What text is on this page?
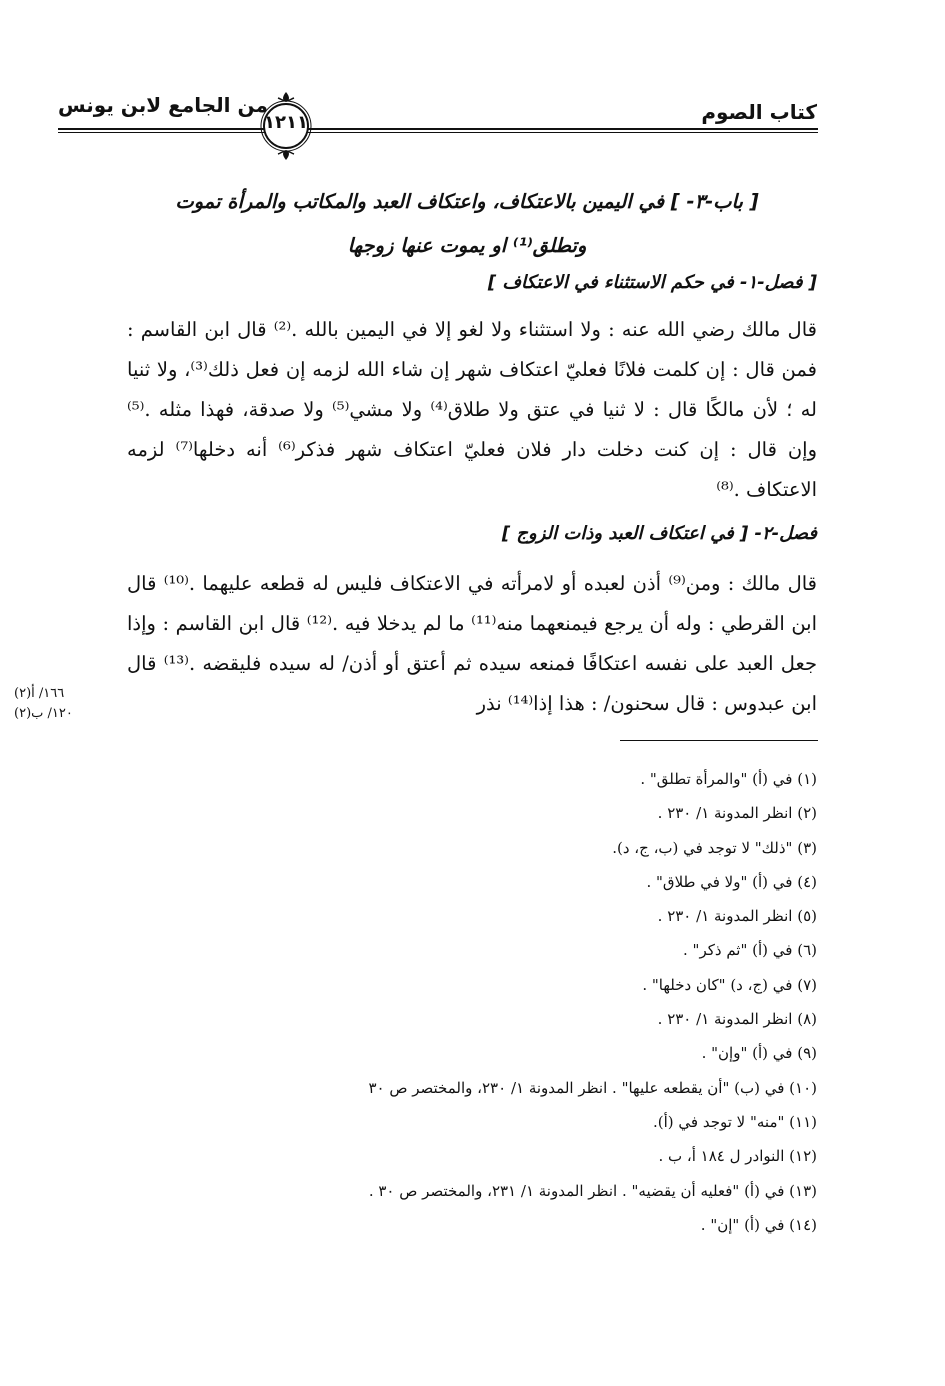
كتاب الصوم
من الجامع لابن يونس
١٢١١
[ باب-٣- ] في اليمين بالاعتكاف، واعتكاف العبد والمكاتب والمرأة تموت
وتطلق⁽¹⁾ او يموت عنها زوجها
[ فصل-١- في حكم الاستثناء في الاعتكاف ]
قال مالك رضي الله عنه : ولا استثناء ولا لغو إلا في اليمين بالله .⁽²⁾ قال ابن القاسم : فمن قال : إن كلمت فلانًا فعليّ اعتكاف شهر إن شاء الله لزمه إن فعل ذلك⁽³⁾، ولا ثنيا له ؛ لأن مالكًا قال : لا ثنيا في عتق ولا طلاق⁽⁴⁾ ولا مشي⁽⁵⁾ ولا صدقة، فهذا مثله .⁽⁵⁾ وإن قال : إن كنت دخلت دار فلان فعليّ اعتكاف شهر فذكر⁽⁶⁾ أنه دخلها⁽⁷⁾ لزمه الاعتكاف .⁽⁸⁾
فصل-٢- [ في اعتكاف العبد وذات الزوج ]
قال مالك : ومن⁽⁹⁾ أذن لعبده أو لامرأته في الاعتكاف فليس له قطعه عليهما .⁽¹⁰⁾ قال ابن القرطي : وله أن يرجع فيمنعهما منه⁽¹¹⁾ ما لم يدخلا فيه .⁽¹²⁾ قال ابن القاسم : وإذا جعل العبد على نفسه اعتكافًا فمنعه سيده ثم أعتق أو أذن/ له سيده فليقضه .⁽¹³⁾ قال ابن عبدوس : قال سحنون/ : هذا إذا⁽¹⁴⁾ نذر
١٦٦/ أ(٢)
١٢٠/ ب(٢)
(١) في (أ) "والمرأة تطلق" .
(٢) انظر المدونة ١/ ٢٣٠ .
(٣) "ذلك" لا توجد في (ب، ج، د).
(٤) في (أ) "ولا في طلاق" .
(٥) انظر المدونة ١/ ٢٣٠ .
(٦) في (أ) "ثم ذكر" .
(٧) في (ج، د) "كان دخلها" .
(٨) انظر المدونة ١/ ٢٣٠ .
(٩) في (أ) "وإن" .
(١٠) في (ب) "أن يقطعه عليها" . انظر المدونة ١/ ٢٣٠، والمختصر ص ٣٠
(١١) "منه" لا توجد في (أ).
(١٢) النوادر ل ١٨٤ أ، ب .
(١٣) في (أ) "فعليه أن يقضيه" . انظر المدونة ١/ ٢٣١، والمختصر ص ٣٠ .
(١٤) في (أ) "إن" .
